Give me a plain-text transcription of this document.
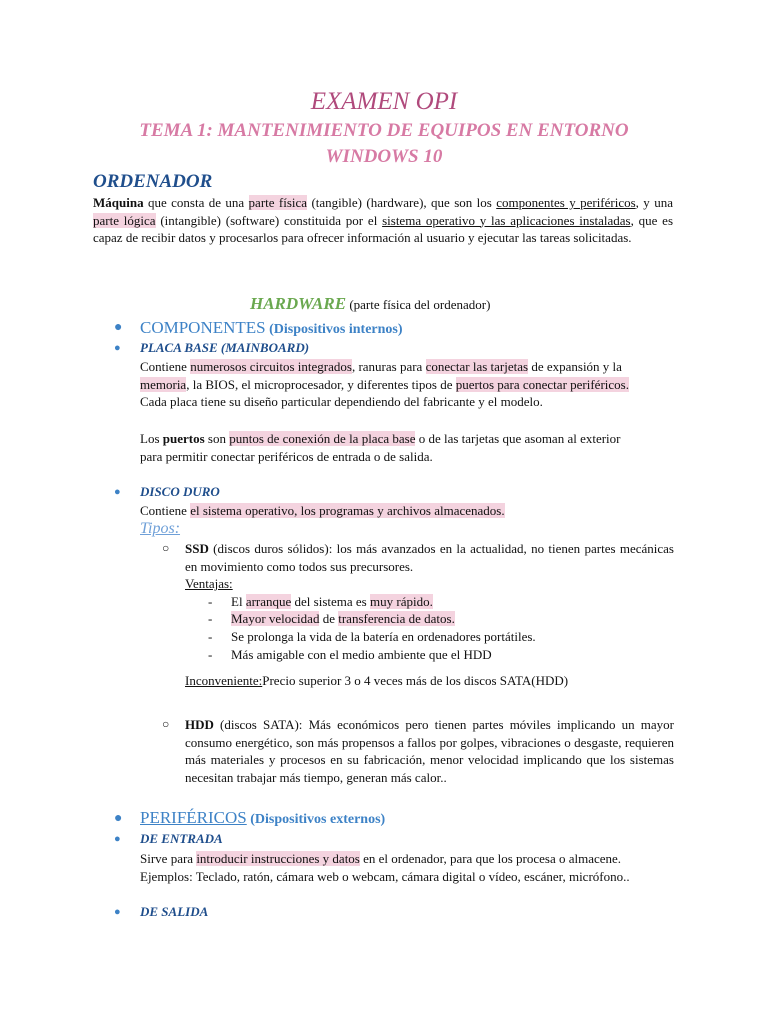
EXAMEN OPI
TEMA 1: MANTENIMIENTO DE EQUIPOS EN ENTORNO
WINDOWS 10
ORDENADOR
Máquina que consta de una parte física (tangible) (hardware), que son los componentes y periféricos, y una parte lógica (intangible) (software) constituida por el sistema operativo y las aplicaciones instaladas, que es capaz de recibir datos y procesarlos para ofrecer información al usuario y ejecutar las tareas solicitadas.
HARDWARE (parte física del ordenador)
● COMPONENTES (Dispositivos internos)
● PLACA BASE (MAINBOARD)
Contiene numerosos circuitos integrados, ranuras para conectar las tarjetas de expansión y la
memoria, la BIOS, el microprocesador, y diferentes tipos de puertos para conectar periféricos.
Cada placa tiene su diseño particular dependiendo del fabricante y el modelo.
Los puertos son puntos de conexión de la placa base o de las tarjetas que asoman al exterior
para permitir conectar periféricos de entrada o de salida.
● DISCO DURO
Contiene el sistema operativo, los programas y archivos almacenados.
Tipos:
○ SSD (discos duros sólidos): los más avanzados en la actualidad, no tienen partes mecánicas en movimiento como todos sus precursores.
Ventajas:
- El arranque del sistema es muy rápido.
- Mayor velocidad de transferencia de datos.
- Se prolonga la vida de la batería en ordenadores portátiles.
- Más amigable con el medio ambiente que el HDD
Inconveniente:Precio superior 3 o 4 veces más de los discos SATA(HDD)
○ HDD (discos SATA): Más económicos pero tienen partes móviles implicando un mayor consumo energético, son más propensos a fallos por golpes, vibraciones o desgaste, requieren más materiales y procesos en su fabricación, menor velocidad implicando que los sistemas necesitan trabajar más tiempo, generan más calor..
● PERIFÉRICOS (Dispositivos externos)
● DE ENTRADA
Sirve para introducir instrucciones y datos en el ordenador, para que los procesa o almacene.
Ejemplos: Teclado, ratón, cámara web o webcam, cámara digital o vídeo, escáner, micrófono..
● DE SALIDA
